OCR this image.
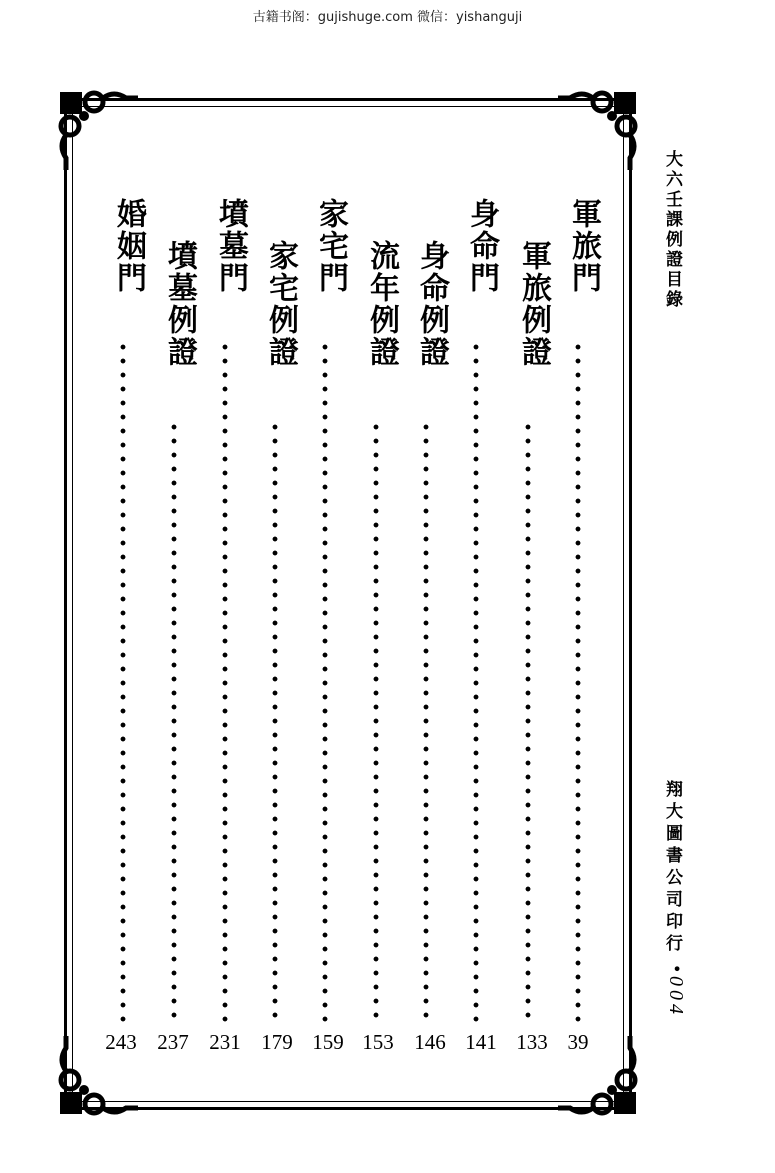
古籍书阁：gujishuge.com 微信：yishanguji
大六壬課例證目錄
翔大圖書公司印行
•004
軍旅門
39
軍旅例證
133
身命門
141
身命例證
146
流年例證
153
家宅門
159
家宅例證
179
墳墓門
231
墳墓例證
237
婚姻門
243
